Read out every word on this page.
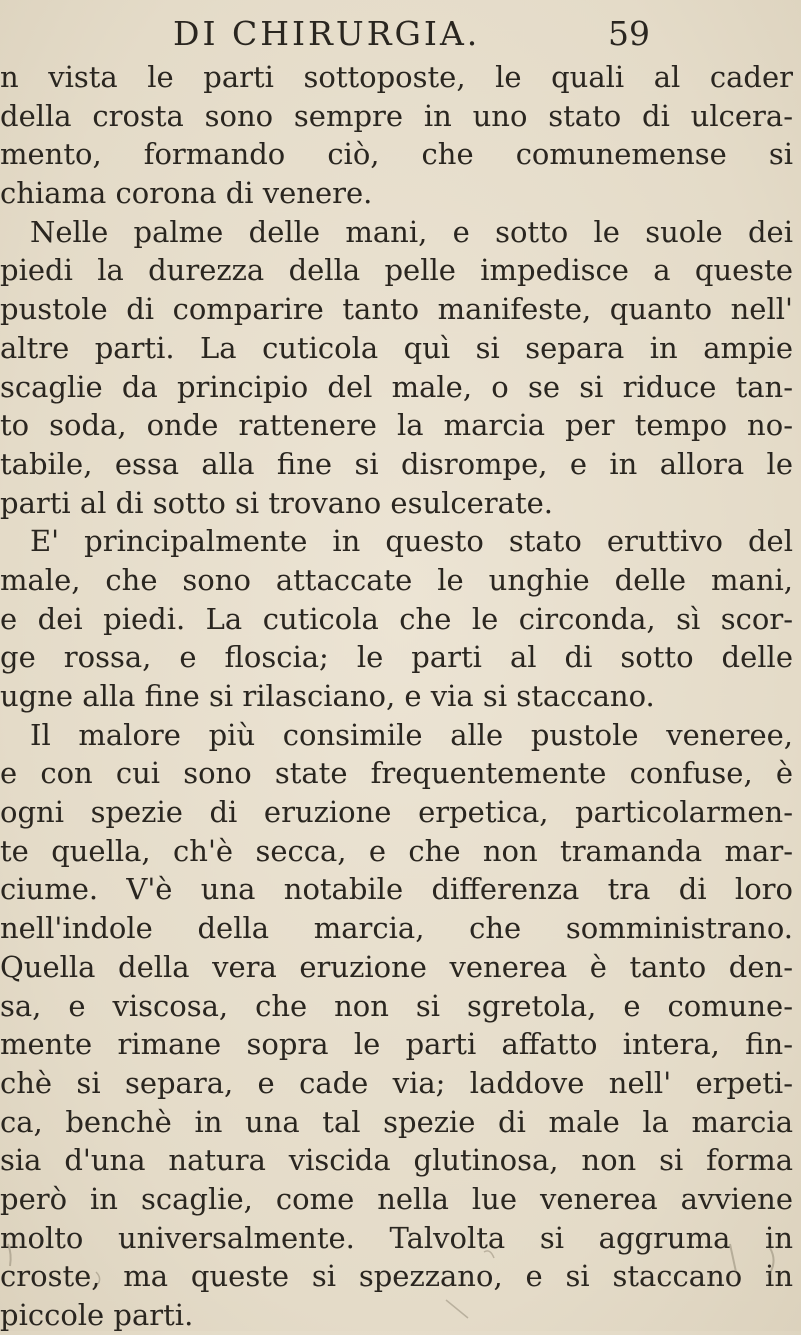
DI CHIRURGIA.	59
n vista le parti sottoposte, le quali al cader
della crosta sono sempre in uno stato di ulcera-
mento, formando ciò, che comunemense si
chiama corona di venere.
Nelle palme delle mani, e sotto le suole dei
piedi la durezza della pelle impedisce a queste
pustole di comparire tanto manifeste, quanto nell'
altre parti. La cuticola quì si separa in ampie
scaglie da principio del male, o se si riduce tan-
to soda, onde rattenere la marcia per tempo no-
tabile, essa alla fine si disrompe, e in allora le
parti al di sotto si trovano esulcerate.
E' principalmente in questo stato eruttivo del
male, che sono attaccate le unghie delle mani,
e dei piedi. La cuticola che le circonda, sì scor-
ge rossa, e floscia; le parti al di sotto delle
ugne alla fine si rilasciano, e via si staccano.
Il malore più consimile alle pustole veneree,
e con cui sono state frequentemente confuse, è
ogni spezie di eruzione erpetica, particolarmen-
te quella, ch'è secca, e che non tramanda mar-
ciume. V'è una notabile differenza tra di loro
nell'indole della marcia, che somministrano.
Quella della vera eruzione venerea è tanto den-
sa, e viscosa, che non si sgretola, e comune-
mente rimane sopra le parti affatto intera, fin-
chè si separa, e cade via; laddove nell' erpeti-
ca, benchè in una tal spezie di male la marcia
sia d'una natura viscida glutinosa, non si forma
però in scaglie, come nella lue venerea avviene
molto universalmente. Talvolta si aggruma in
croste, ma queste si spezzano, e si staccano in
piccole parti.
